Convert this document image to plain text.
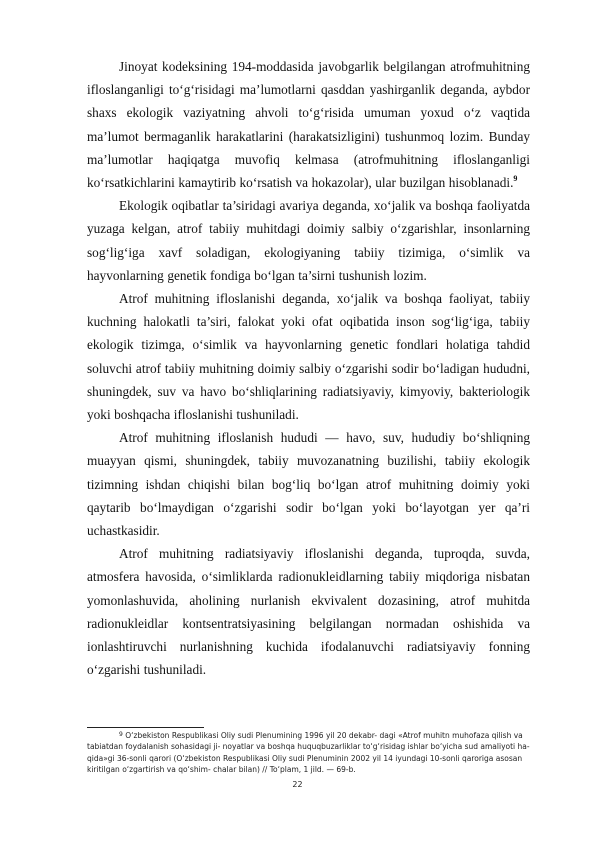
Jinoyat kodeksining 194-moddasida javobgarlik belgilangan atrofmuhitning ifloslanganligi to‘g‘risidagi ma’lumotlarni qasddan yashirganlik deganda, aybdor shaxs ekologik vaziyatning ahvoli to‘g‘risida umuman yoxud o‘z vaqtida ma’lumot bermaganlik harakatlarini (harakatsizligini) tushunmoq lozim. Bunday ma’lumotlar haqiqatga muvofiq kelmasa (atrofmuhitning ifloslanganligi ko‘rsatkichlarini kamaytirib ko‘rsatish va hokazolar), ular buzilgan hisoblanadi.$^9$

Ekologik oqibatlar ta’siridagi avariya deganda, xo‘jalik va boshqa faoliyatda yuzaga kelgan, atrof tabiiy muhitdagi doimiy salbiy o‘zgarishlar, insonlarning sog‘lig‘iga xavf soladigan, ekologiyaning tabiiy tizimiga, o‘simlik va hayvonlarning genetik fondiga bo‘lgan ta’sirni tushunish lozim.

Atrof muhitning ifloslanishi deganda, xo‘jalik va boshqa faoliyat, tabiiy kuchning halokatli ta’siri, falokat yoki ofat oqibatida inson sog‘lig‘iga, tabiiy ekologik tizimga, o‘simlik va hayvonlarning genetic fondlari holatiga tahdid soluvchi atrof tabiiy muhitning doimiy salbiy o‘zgarishi sodir bo‘ladigan hududni, shuningdek, suv va havo bo‘shliqlarining radiatsiyaviy, kimyoviy, bakteriologik yoki boshqacha ifloslanishi tushuniladi.

Atrof muhitning ifloslanish hududi — havo, suv, hududiy bo‘shliqning muayyan qismi, shuningdek, tabiiy muvozanatning buzilishi, tabiiy ekologik tizimning ishdan chiqishi bilan bog‘liq bo‘lgan atrof muhitning doimiy yoki qaytarib bo‘lmaydigan o‘zgarishi sodir bo‘lgan yoki bo‘layotgan yer qa’ri uchastkasidir.

Atrof muhitning radiatsiyaviy ifloslanishi deganda, tuproqda, suvda, atmosfera havosida, o‘simliklarda radionukleidlarning tabiiy miqdoriga nisbatan yomonlashuvida, aholining nurlanish ekvivalent dozasining, atrof muhitda radionukleidlar kontsentratsiyasining belgilangan normadan oshishida va ionlashtiruvchi nurlanishning kuchida ifodalanuvchi radiatsiyaviy fonning o‘zgarishi tushuniladi.

$^9$ O‘zbekiston Respublikasi Oliy sudi Plenumining 1996 yil 20 dekabr- dagi «Atrof muhitn muhofaza qilish va tabiatdan foydalanish sohasidagi ji- noyatlar va boshqa huquqbuzarliklar to‘g‘risidag ishlar bo‘yicha sud amaliyoti ha- qida»gi 36-sonli qarori (O‘zbekiston Respublikasi Oliy sudi Plenuminin 2002 yil 14 iyundagi 10-sonli qaroriga asosan kiritilgan o‘zgartirish va qo‘shim- chalar bilan) // To‘plam, 1 jild. — 69-b.

22
